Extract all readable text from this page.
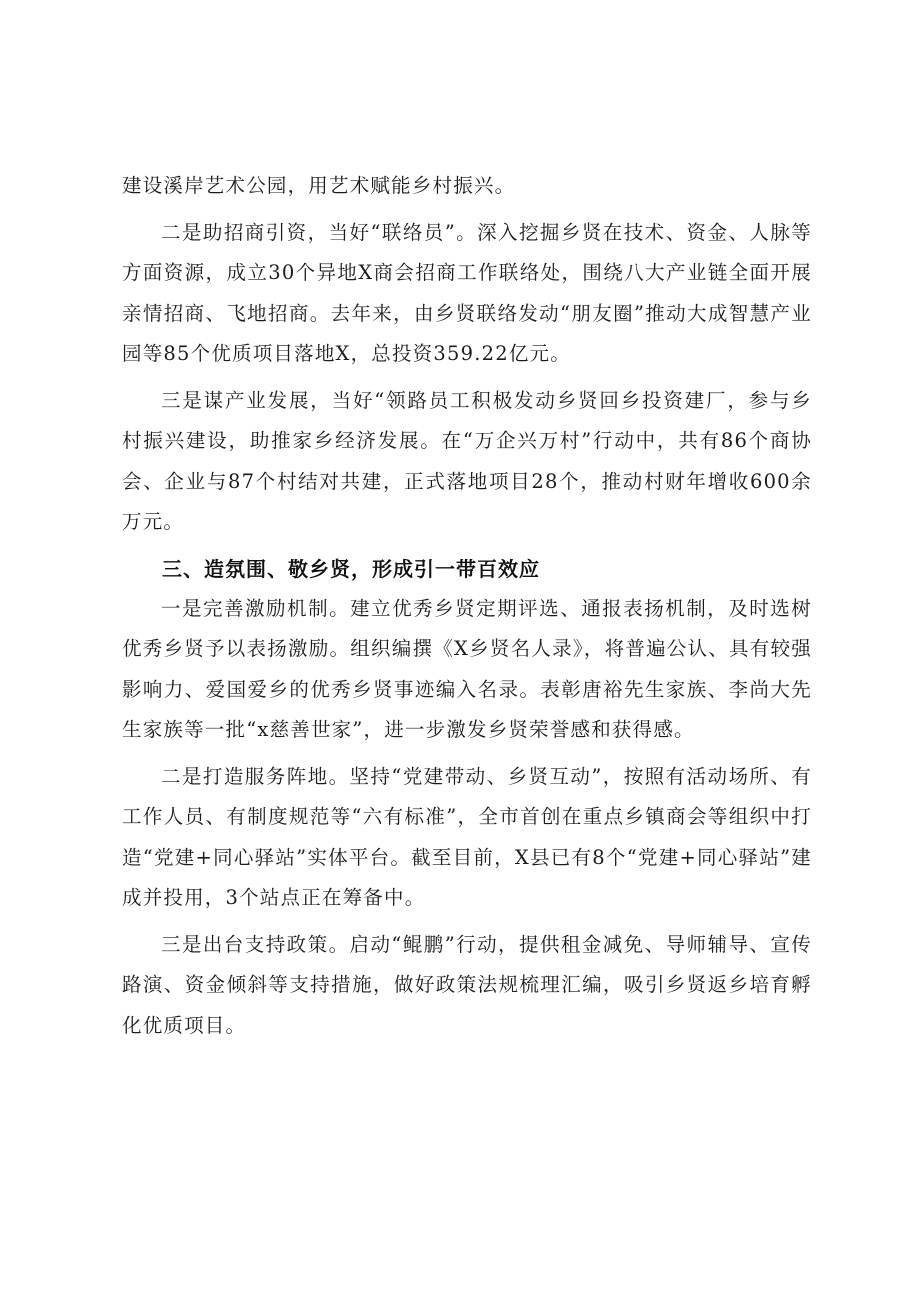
建设溪岸艺术公园，用艺术赋能乡村振兴。

二是助招商引资，当好“联络员”。深入挖掘乡贤在技术、资金、人脉等方面资源，成立30个异地X商会招商工作联络处，围绕八大产业链全面开展亲情招商、飞地招商。去年来，由乡贤联络发动“朋友圈”推动大成智慧产业园等85个优质项目落地X，总投资359.22亿元。

三是谋产业发展，当好“领路员工积极发动乡贤回乡投资建厂，参与乡村振兴建设，助推家乡经济发展。在“万企兴万村”行动中，共有86个商协会、企业与87个村结对共建，正式落地项目28个，推动村财年增收600余万元。

三、造氛围、敬乡贤，形成引一带百效应

一是完善激励机制。建立优秀乡贤定期评选、通报表扬机制，及时选树优秀乡贤予以表扬激励。组织编撰《X乡贤名人录》，将普遍公认、具有较强影响力、爱国爱乡的优秀乡贤事迹编入名录。表彰唐裕先生家族、李尚大先生家族等一批“x慈善世家”，进一步激发乡贤荣誉感和获得感。

二是打造服务阵地。坚持“党建带动、乡贤互动”，按照有活动场所、有工作人员、有制度规范等“六有标准”，全市首创在重点乡镇商会等组织中打造“党建+同心驿站”实体平台。截至目前，X县已有8个“党建+同心驿站”建成并投用，3个站点正在筹备中。

三是出台支持政策。启动“鲲鹏”行动，提供租金减免、导师辅导、宣传路演、资金倾斜等支持措施，做好政策法规梳理汇编，吸引乡贤返乡培育孵化优质项目。
